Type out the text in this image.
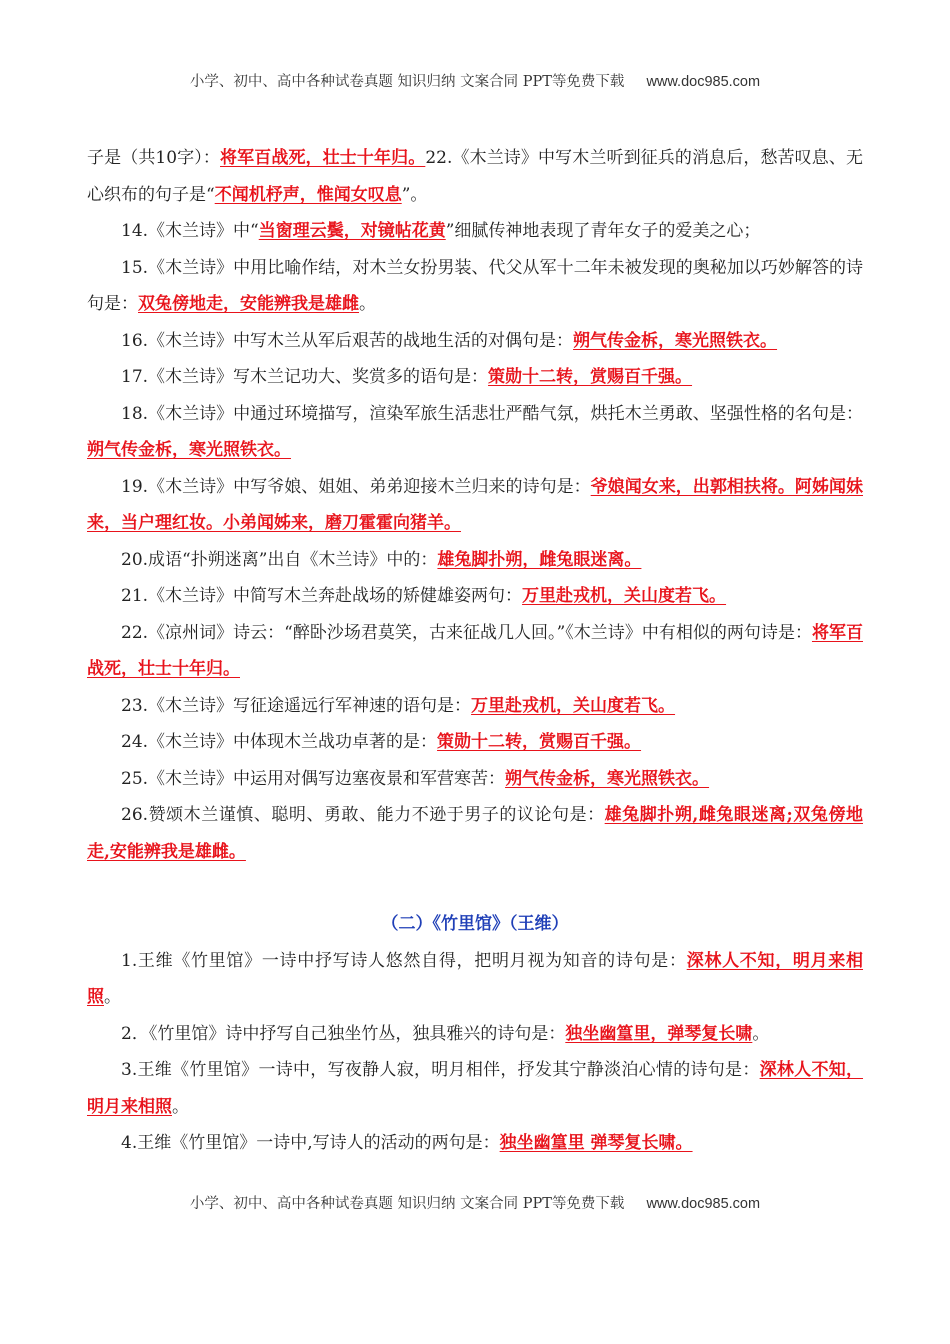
小学、初中、高中各种试卷真题 知识归纳 文案合同 PPT等免费下载 www.doc985.com

子是（共10字）：将军百战死，壮士十年归。22.《木兰诗》中写木兰听到征兵的消息后，愁苦叹息、无心织布的句子是“不闻机杼声，惟闻女叹息”。

14.《木兰诗》中“当窗理云鬓，对镜帖花黄”细腻传神地表现了青年女子的爱美之心；

15.《木兰诗》中用比喻作结，对木兰女扮男装、代父从军十二年未被发现的奥秘加以巧妙解答的诗句是：双兔傍地走，安能辨我是雄雌。

16.《木兰诗》中写木兰从军后艰苦的战地生活的对偶句是：朔气传金柝，寒光照铁衣。

17.《木兰诗》写木兰记功大、奖赏多的语句是：策勋十二转，赏赐百千强。

18.《木兰诗》中通过环境描写，渲染军旅生活悲壮严酷气氛，烘托木兰勇敢、坚强性格的名句是：朔气传金柝，寒光照铁衣。

19.《木兰诗》中写爷娘、姐姐、弟弟迎接木兰归来的诗句是：爷娘闻女来，出郭相扶将。阿姊闻妹来，当户理红妆。小弟闻姊来，磨刀霍霍向猪羊。

20.成语“扑朔迷离”出自《木兰诗》中的：雄兔脚扑朔，雌兔眼迷离。

21.《木兰诗》中简写木兰奔赴战场的矫健雄姿两句：万里赴戎机，关山度若飞。

22.《凉州词》诗云：“醉卧沙场君莫笑，古来征战几人回。”《木兰诗》中有相似的两句诗是：将军百战死，壮士十年归。

23.《木兰诗》写征途遥远行军神速的语句是：万里赴戎机，关山度若飞。

24.《木兰诗》中体现木兰战功卓著的是：策勋十二转，赏赐百千强。

25.《木兰诗》中运用对偶写边塞夜景和军营寒苦：朔气传金柝，寒光照铁衣。

26.赞颂木兰谨慎、聪明、勇敢、能力不逊于男子的议论句是：雄兔脚扑朔,雌兔眼迷离;双兔傍地走,安能辨我是雄雌。

（二）《竹里馆》（王维）

1.王维《竹里馆》一诗中抒写诗人悠然自得，把明月视为知音的诗句是：深林人不知，明月来相照。

2．《竹里馆》诗中抒写自己独坐竹丛，独具雅兴的诗句是：独坐幽篁里，弹琴复长啸。

3.王维《竹里馆》一诗中，写夜静人寂，明月相伴，抒发其宁静淡泊心情的诗句是：深林人不知，明月来相照。

4.王维《竹里馆》一诗中,写诗人的活动的两句是：独坐幽篁里 弹琴复长啸。

小学、初中、高中各种试卷真题 知识归纳 文案合同 PPT等免费下载 www.doc985.com
